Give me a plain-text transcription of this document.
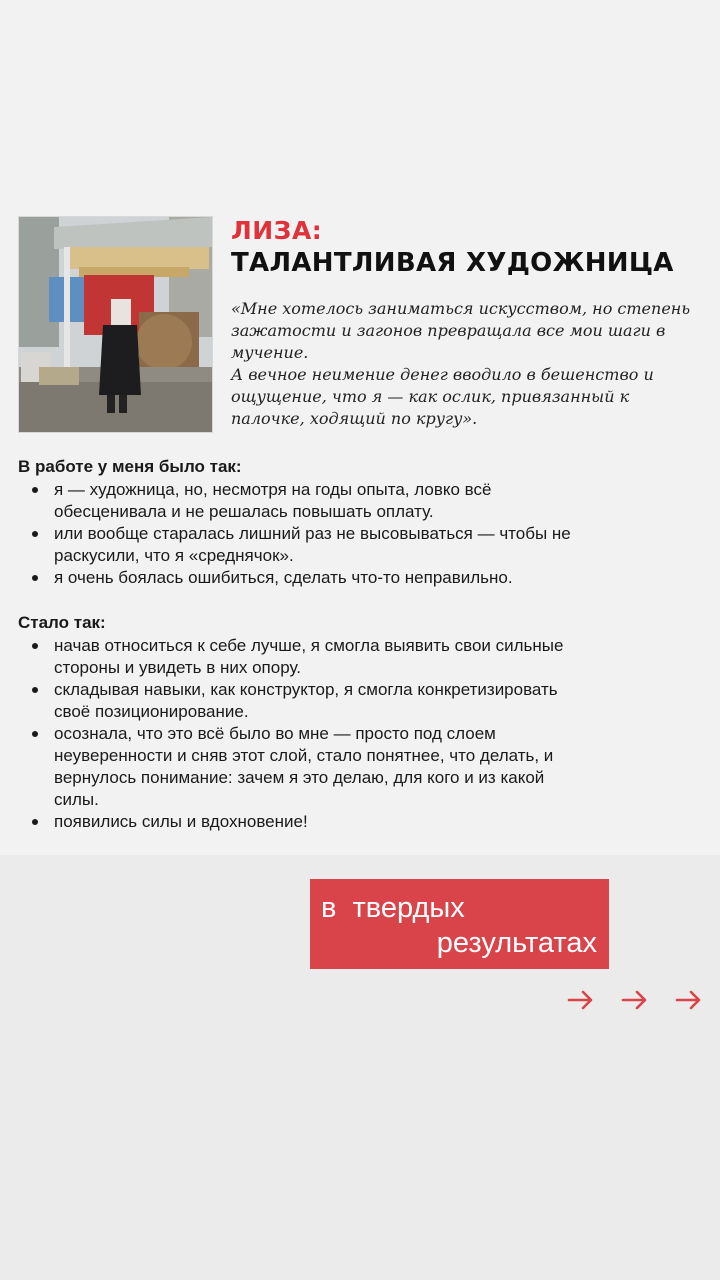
ЛИЗА:
ТАЛАНТЛИВАЯ ХУДОЖНИЦА

«Мне хотелось заниматься искусством, но степень зажатости и загонов превращала все мои шаги в мучение.

А вечное неимение денег вводило в бешенство и ощущение, что я — как ослик, привязанный к палочке, ходящий по кругу».

В работе у меня было так:
я — художница, но, несмотря на годы опыта, ловко всё обесценивала и не решалась повышать оплату.
или вообще старалась лишний раз не высовываться — чтобы не раскусили, что я «среднячок».
я очень боялась ошибиться, сделать что-то неправильно.
Стало так:
начав относиться к себе лучше, я смогла выявить свои сильные стороны и увидеть в них опору.
складывая навыки, как конструктор, я смогла конкретизировать своё позиционирование.
осознала, что это всё было во мне — просто под слоем неуверенности и сняв этот слой, стало понятнее, что делать, и вернулось понимание: зачем я это делаю, для кого и из какой силы.
появились силы и вдохновение!
в  твердых
результатах
